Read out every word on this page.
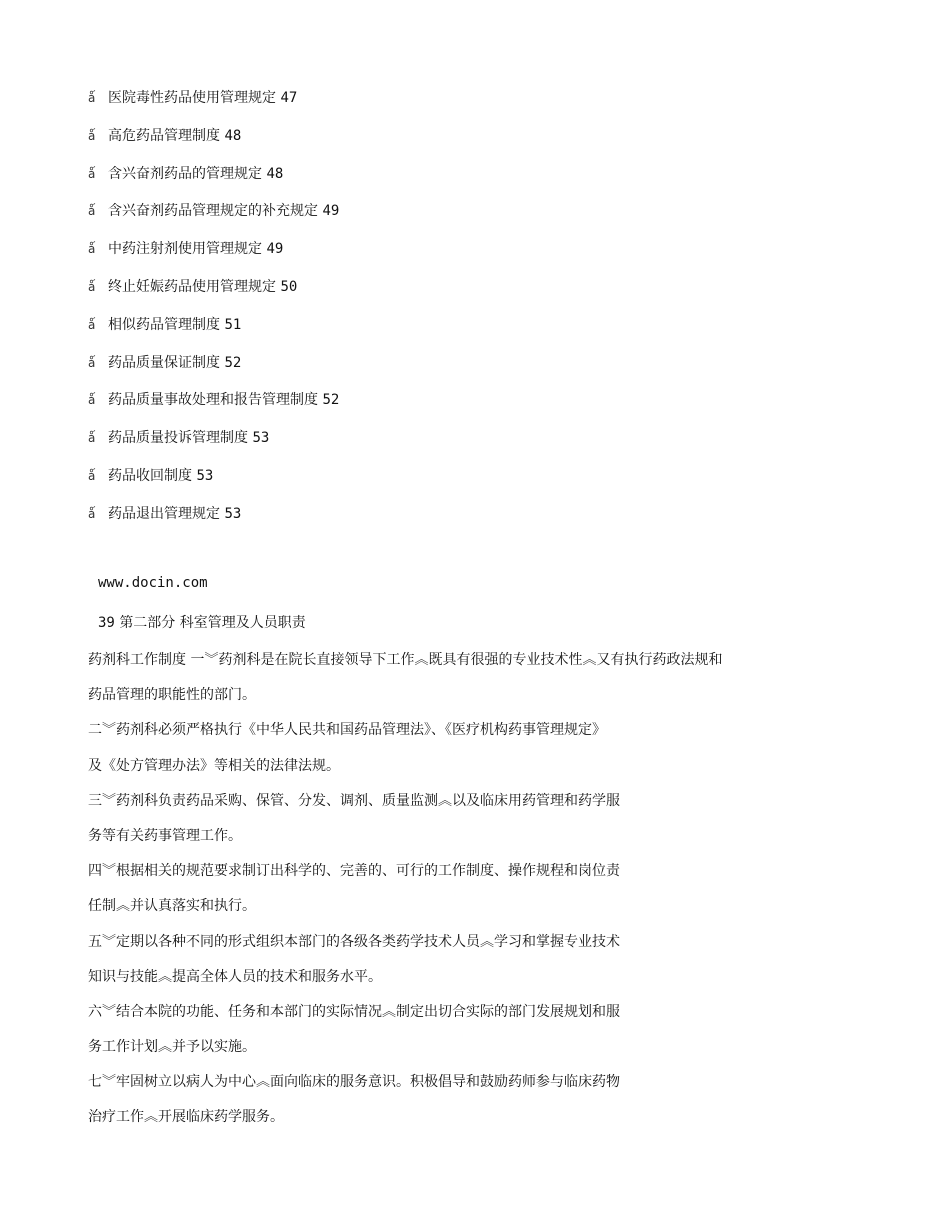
ǻ 医院毒性药品使用管理规定 47
ǻ 高危药品管理制度 48
ǻ 含兴奋剂药品的管理规定 48
ǻ 含兴奋剂药品管理规定的补充规定 49
ǻ 中药注射剂使用管理规定 49
ǻ 终止妊娠药品使用管理规定 50
ǻ 相似药品管理制度 51
ǻ 药品质量保证制度 52
ǻ 药品质量事故处理和报告管理制度 52
ǻ 药品质量投诉管理制度 53
ǻ 药品收回制度 53
ǻ 药品退出管理规定 53
www.docin.com
39 第二部分 科室管理及人员职责
药剂科工作制度 一︾药剂科是在院长直接领导下工作︽既具有很强的专业技术性︽又有执行药政法规和
药品管理的职能性的部门。
二︾药剂科必须严格执行《中华人民共和国药品管理法》、《医疗机构药事管理规定》
及《处方管理办法》等相关的法律法规。
三︾药剂科负责药品采购、保管、分发、调剂、质量监测︽以及临床用药管理和药学服
务等有关药事管理工作。
四︾根据相关的规范要求制订出科学的、完善的、可行的工作制度、操作规程和岗位责
任制︽并认真落实和执行。
五︾定期以各种不同的形式组织本部门的各级各类药学技术人员︽学习和掌握专业技术
知识与技能︽提高全体人员的技术和服务水平。
六︾结合本院的功能、任务和本部门的实际情况︽制定出切合实际的部门发展规划和服
务工作计划︽并予以实施。
七︾牢固树立以病人为中心︽面向临床的服务意识。积极倡导和鼓励药师参与临床药物
治疗工作︽开展临床药学服务。
